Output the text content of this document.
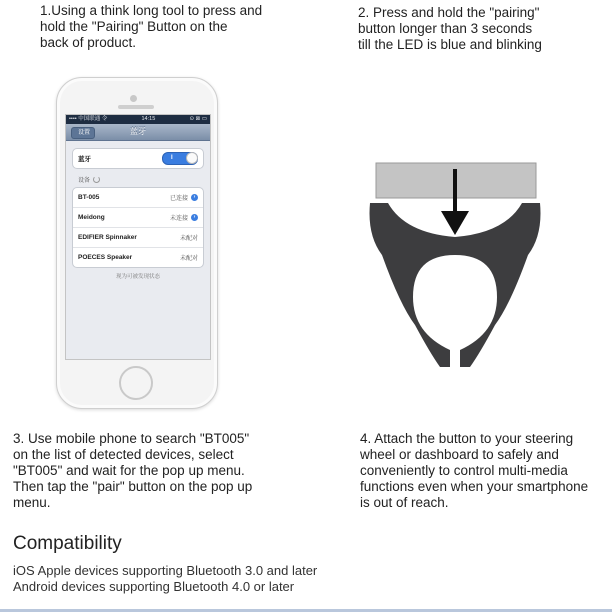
1.Using a think long tool to press and
hold the "Pairing" Button on the
back of product.
2. Press and hold the "pairing"
button longer than 3 seconds
till the LED is blue and blinking
•••• 中国联通 令	14:15	⊙ ⊠ ▭
设置	蓝牙
蓝牙	I
设备
BT-005	已连接	›
Meidong	未连接	›
EDIFIER Spinnaker	未配对
POECES Speaker	未配对
现为可被发现状态
3. Use mobile phone to search "BT005"
on the list of detected devices, select
"BT005" and wait for the pop up menu.
Then tap the "pair" button on the pop up
menu.
4. Attach the button to your steering
wheel or dashboard to safely and
conveniently to control multi-media
functions even when your smartphone
is out of reach.
Compatibility
iOS Apple devices supporting Bluetooth 3.0 and later
Android devices supporting Bluetooth 4.0 or later
